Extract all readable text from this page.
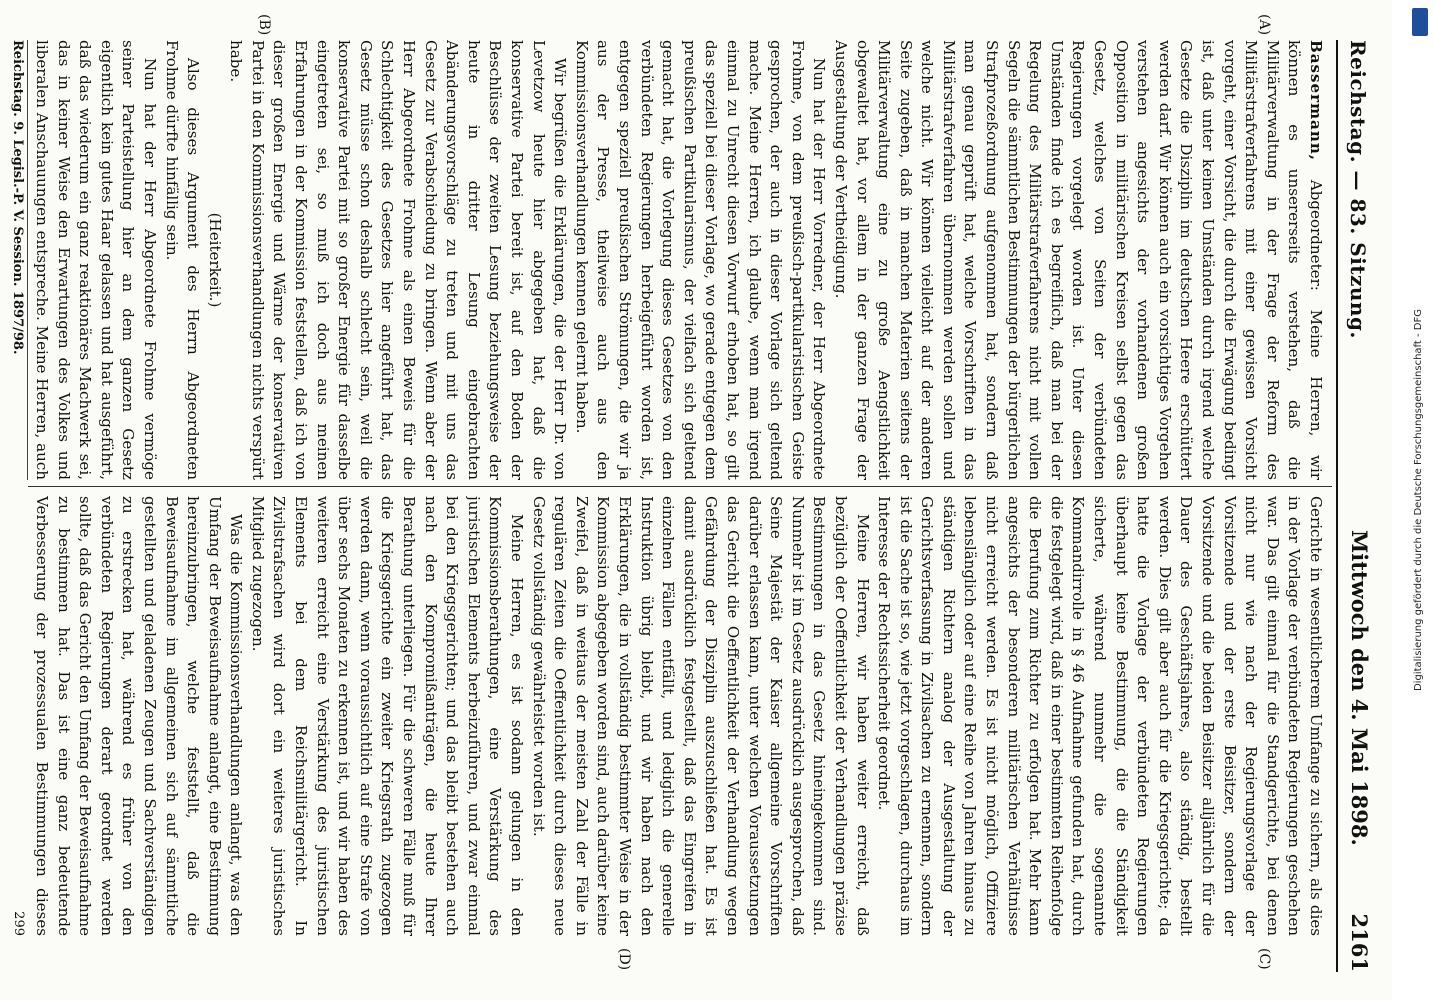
Reichstag. — 83. Sitzung.
Mittwoch den 4. Mai 1898.
2161
(A)
(B)
(C)
(D)

Bassermann, Abgeordneter: Meine Herren, wir können es unsererseits verstehen, daß die Militärverwaltung in der Frage der Reform des Militärstrafverfahrens mit einer gewissen Vorsicht vorgeht, einer Vorsicht, die durch die Erwägung bedingt ist, daß unter keinen Umständen durch irgend welche Gesetze die Disziplin im deutschen Heere erschüttert werden darf. Wir können auch ein vorsichtiges Vorgehen verstehen angesichts der vorhandenen großen Opposition in militärischen Kreisen selbst gegen das Gesetz, welches von Seiten der verbündeten Regierungen vorgelegt worden ist. Unter diesen Umständen finde ich es begreiflich, daß man bei der Regelung des Militärstrafverfahrens nicht mit vollen Segeln die sämmtlichen Bestimmungen der bürgerlichen Strafprozeßordnung aufgenommen hat, sondern daß man genau geprüft hat, welche Vorschriften in das Militärstrafverfahren übernommen werden sollen und welche nicht. Wir können vielleicht auf der anderen Seite zugeben, daß in manchen Materien seitens der Militärverwaltung eine zu große Aengstlichkeit obgewaltet hat, vor allem in der ganzen Frage der Ausgestaltung der Vertheidigung.

Nun hat der Herr Vorredner, der Herr Abgeordnete Frohme, von dem preußisch-partikularistischen Geiste gesprochen, der auch in dieser Vorlage sich geltend mache. Meine Herren, ich glaube, wenn man irgend einmal zu Unrecht diesen Vorwurf erhoben hat, so gilt das speziell bei dieser Vorlage, wo gerade entgegen dem preußischen Partikularismus, der vielfach sich geltend gemacht hat, die Vorlegung dieses Gesetzes von den verbündeten Regierungen herbeigeführt worden ist, entgegen speziell preußischen Strömungen, die wir ja aus der Presse, theilweise auch aus den Kommissionsverhandlungen kennen gelernt haben.

Wir begrüßen die Erklärungen, die der Herr Dr. von Levetzow heute hier abgegeben hat, daß die konservative Partei bereit ist, auf den Boden der Beschlüsse der zweiten Lesung beziehungsweise der heute in dritter Lesung eingebrachten Abänderungsvorschläge zu treten und mit uns das Gesetz zur Verabschiedung zu bringen. Wenn aber der Herr Abgeordnete Frohme als einen Beweis für die Schlechtigkeit des Gesetzes hier angeführt hat, das Gesetz müsse schon deshalb schlecht sein, weil die konservative Partei mit so großer Energie für dasselbe eingetreten sei, so muß ich doch aus meinen Erfahrungen in der Kommission feststellen, daß ich von dieser großen Energie und Wärme der konservativen Partei in den Kommissionsverhandlungen nichts verspürt habe.

(Heiterkeit.)

Also dieses Argument des Herrn Abgeordneten Frohme dürfte hinfällig sein.

Nun hat der Herr Abgeordnete Frohme vermöge seiner Parteistellung hier an dem ganzen Gesetz eigentlich kein gutes Haar gelassen und hat ausgeführt, daß das wiederum ein ganz reaktionäres Machwerk sei, das in keiner Weise den Erwartungen des Volkes und liberalen Anschauungen entspreche. Meine Herren, auch

Gerichte in wesentlicherem Umfange zu sichern, als dies in der Vorlage der verbündeten Regierungen geschehen war. Das gilt einmal für die Standgerichte, bei denen nicht nur wie nach der Regierungsvorlage der Vorsitzende und der erste Beisitzer, sondern der Vorsitzende und die beiden Beisitzer alljährlich für die Dauer des Geschäftsjahres, also ständig, bestellt werden. Dies gilt aber auch für die Kriegsgerichte; da hatte die Vorlage der verbündeten Regierungen überhaupt keine Bestimmung, die die Ständigkeit sicherte, während nunmehr die sogenannte Kommandirrolle in § 46 Aufnahme gefunden hat, durch die festgelegt wird, daß in einer bestimmten Reihenfolge die Berufung zum Richter zu erfolgen hat. Mehr kann angesichts der besonderen militärischen Verhältnisse nicht erreicht werden. Es ist nicht möglich, Offiziere lebenslänglich oder auf eine Reihe von Jahren hinaus zu ständigen Richtern analog der Ausgestaltung der Gerichtsverfassung in Zivilsachen zu ernennen, sondern ist die Sache ist so, wie jetzt vorgeschlagen, durchaus im Interesse der Rechtssicherheit geordnet.

Meine Herren, wir haben weiter erreicht, daß bezüglich der Oeffentlichkeit der Verhandlungen präzise Bestimmungen in das Gesetz hineingekommen sind. Nunmehr ist im Gesetz ausdrücklich ausgesprochen, daß Seine Majestät der Kaiser allgemeine Vorschriften darüber erlassen kann, unter welchen Voraussetzungen das Gericht die Oeffentlichkeit der Verhandlung wegen Gefährdung der Disziplin auszuschließen hat. Es ist damit ausdrücklich festgestellt, daß das Eingreifen in einzelnen Fällen entfällt, und lediglich die generelle Instruktion übrig bleibt, und wir haben nach den Erklärungen, die in vollständig bestimmter Weise in der Kommission abgegeben worden sind, auch darüber keine Zweifel, daß in weitaus der meisten Zahl der Fälle in regulären Zeiten die Oeffentlichkeit durch dieses neue Gesetz vollständig gewährleistet worden ist.

Meine Herren, es ist sodann gelungen in den Kommissionsberathungen, eine Verstärkung des juristischen Elements herbeizuführen, und zwar einmal bei den Kriegsgerichten; und das bleibt bestehen auch nach den Kompromißanträgen, die heute Ihrer Berathung unterliegen. Für die schweren Fälle muß für die Kriegsgerichte ein zweiter Kriegsrath zugezogen werden dann, wenn voraussichtlich auf eine Strafe von über sechs Monaten zu erkennen ist, und wir haben des weiteren erreicht eine Verstärkung des juristischen Elements bei dem Reichsmilitärgericht. In Zivilstrafsachen wird dort ein weiteres juristisches Mitglied zugezogen.

Was die Kommissionsverhandlungen anlangt, was den Umfang der Beweisaufnahme anlangt, eine Bestimmung hereinzubringen, welche feststellt, daß die Beweisaufnahme im allgemeinen sich auf sämmtliche gestellten und geladenen Zeugen und Sachverständigen zu erstrecken hat, während es früher von den verbündeten Regierungen derart geordnet werden sollte, daß das Gericht den Umfang der Beweisaufnahme zu bestimmen hat. Das ist eine ganz bedeutende Verbesserung der prozessualen Bestimmungen dieses

Reichstag. 9. Legisl.-P. V. Session. 1897/98.
299
Digitalisierung gefördert durch die Deutsche Forschungsgemeinschaft - DFG
